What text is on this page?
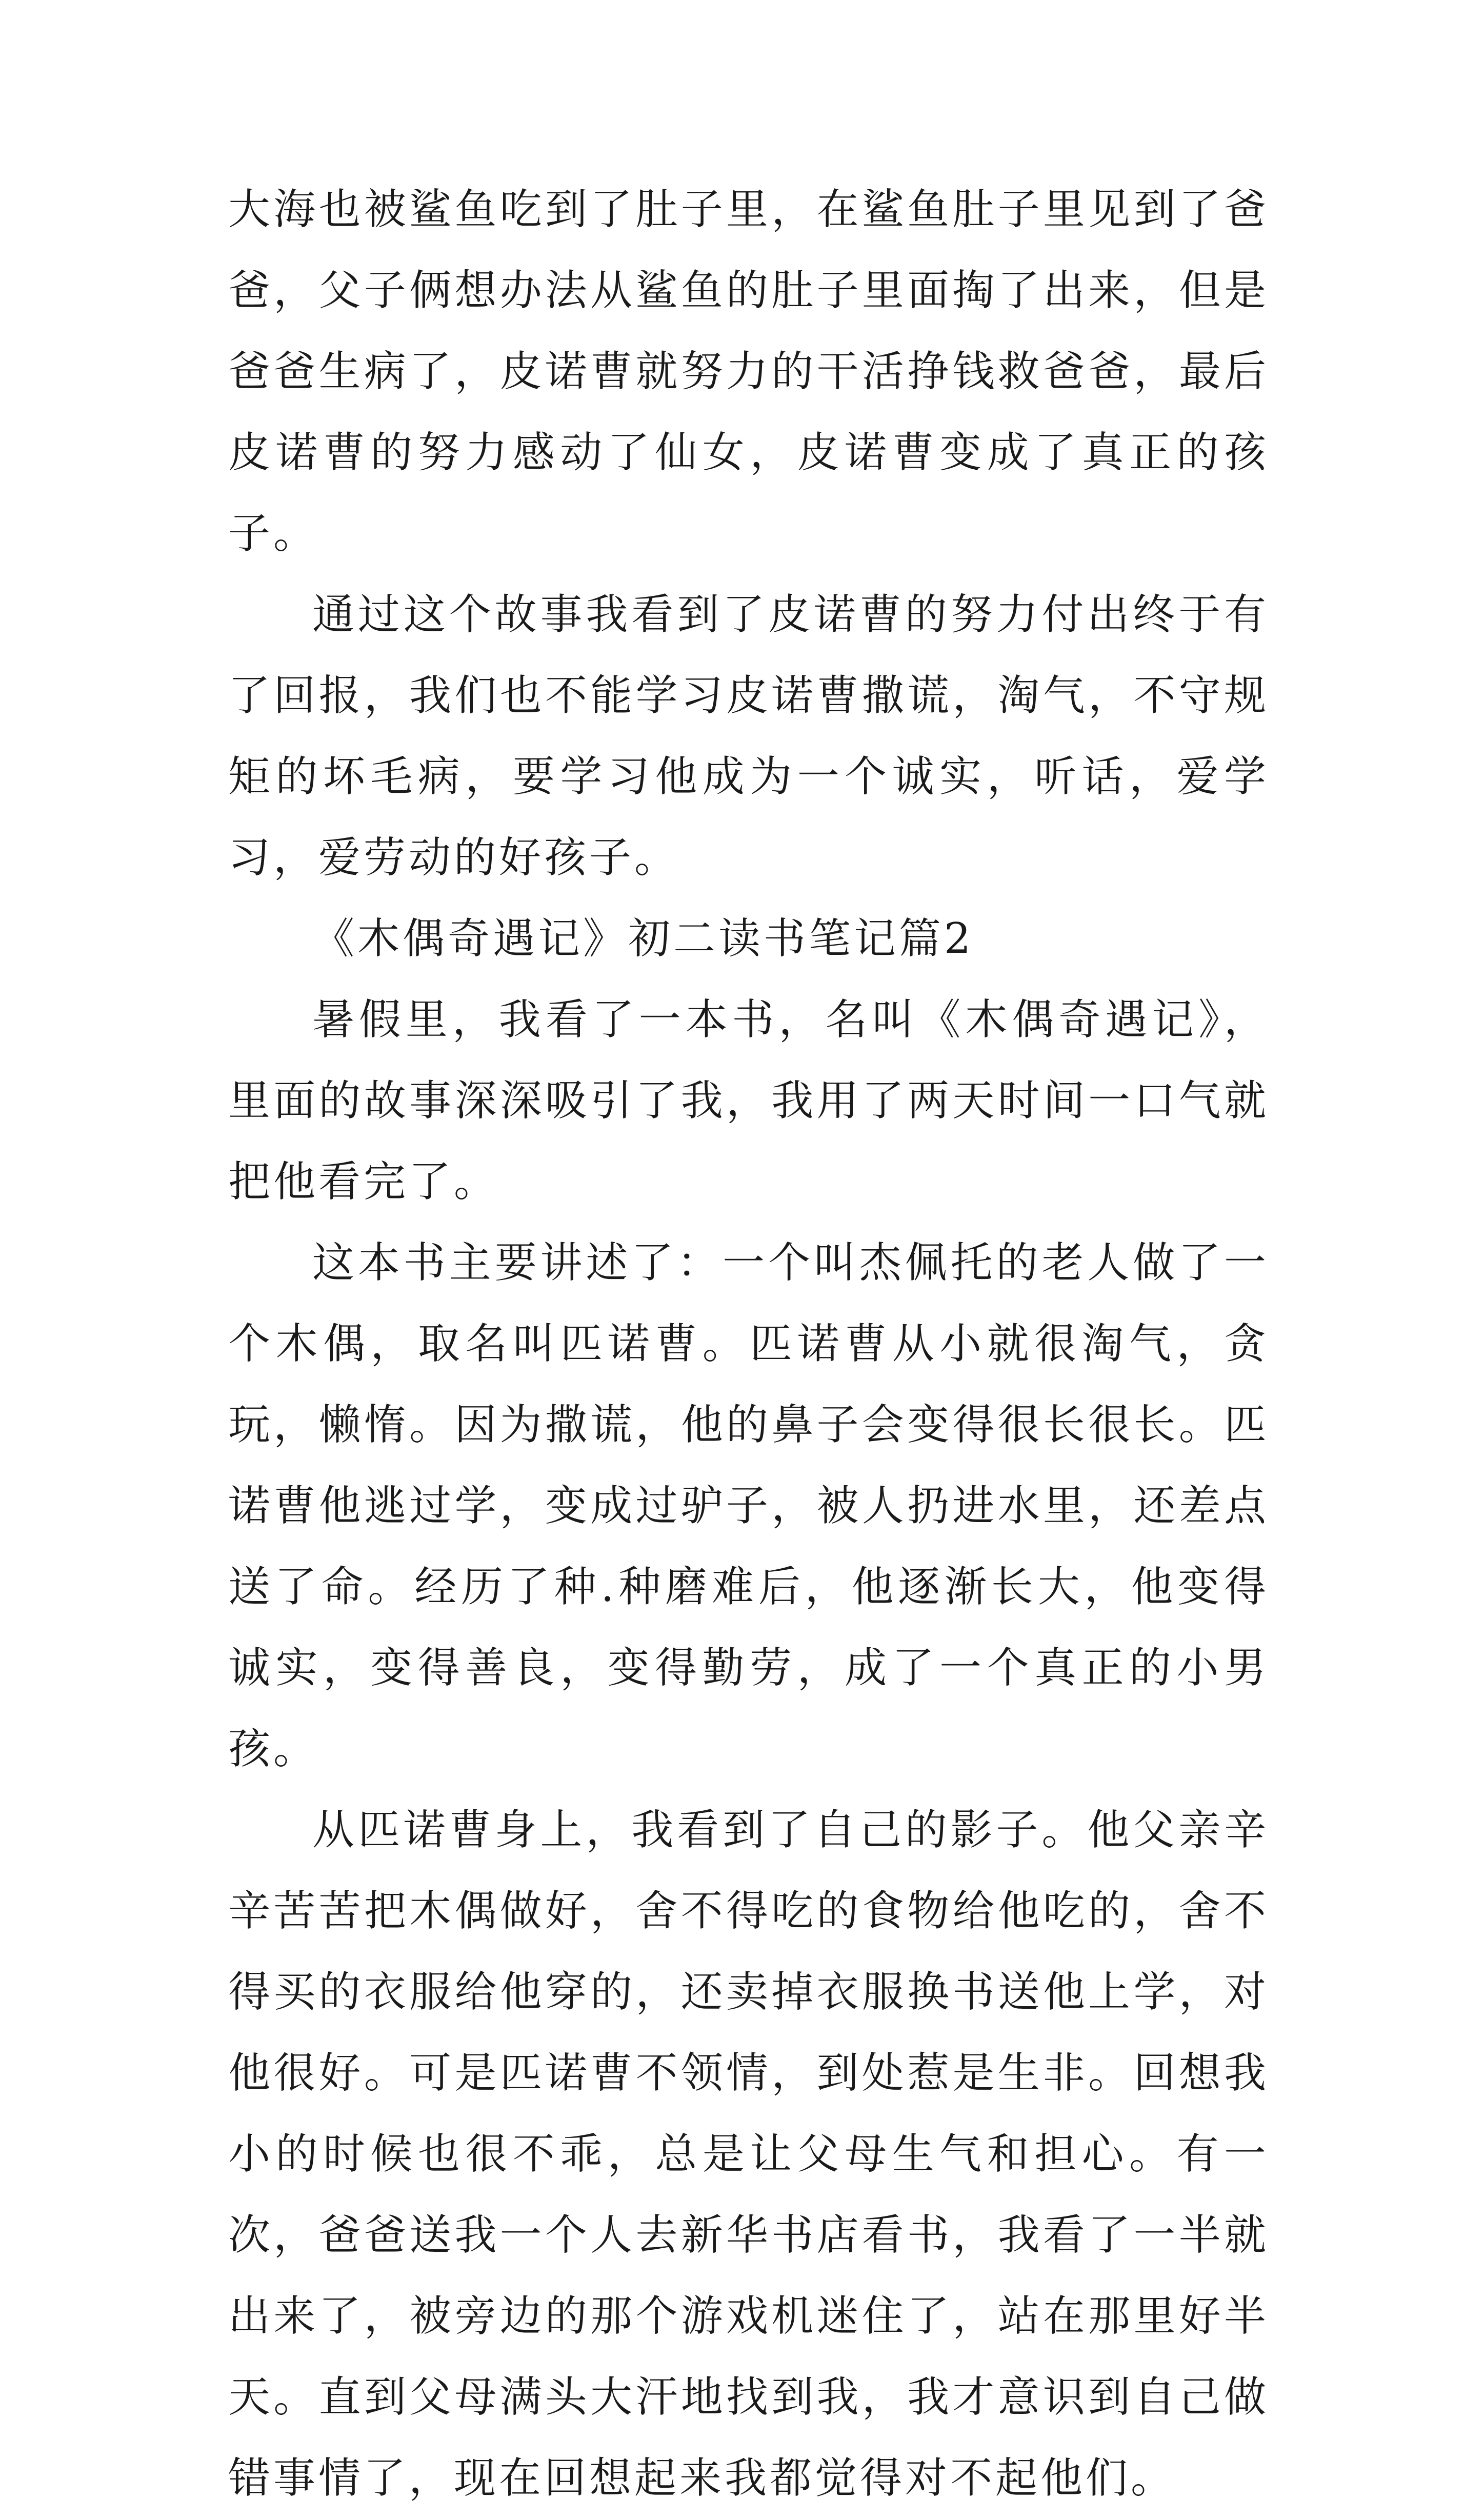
大海也被鲨鱼吃到了肚子里，在鲨鱼肚子里见到了爸爸，父子俩想办法从鲨鱼的肚子里面掏了出来，但是爸爸生病了，皮诺曹就努力的干活挣钱救爸爸，最后皮诺曹的努力感动了仙女，皮诺曹变成了真正的孩子。

通过这个故事我看到了皮诺曹的努力付出终于有了回报，我们也不能学习皮诺曹撒谎，淘气，不守规矩的坏毛病，要学习他成为一个诚实，听话，爱学习，爱劳动的好孩子。

《木偶奇遇记》初二读书笔记篇2

暑假里，我看了一本书，名叫《木偶奇遇记》，里面的故事深深吸引了我，我用了两天时间一口气就把他看完了。

这本书主要讲述了：一个叫杰佩托的老人做了一个木偶，取名叫匹诺曹。匹诺曹从小就很淘气，贪玩，懒惰。因为撒谎，他的鼻子会变得很长很长。匹诺曹他逃过学，变成过驴子，被人扔进水里，还差点送了命。经历了种.种磨难后，他逐渐长大，他变得诚实，变得善良，变得勤劳，成了一个真正的小男孩。

从匹诺曹身上，我看到了自己的影子。他父亲辛辛苦苦把木偶做好，舍不得吃的食物给他吃的，舍不得买的衣服给他穿的，还卖掉衣服换书送他上学，对他很好。可是匹诺曹不领情，到处惹是生非。回想我小的时候也很不乖，总是让父母生气和担心。有一次，爸爸送我一个人去新华书店看书，我看了一半就出来了，被旁边的那个游戏机迷住了，站在那里好半天。直到父母满头大汗地找到我，我才意识到自己做错事情了，现在回想起来我都觉得对不起他们。
